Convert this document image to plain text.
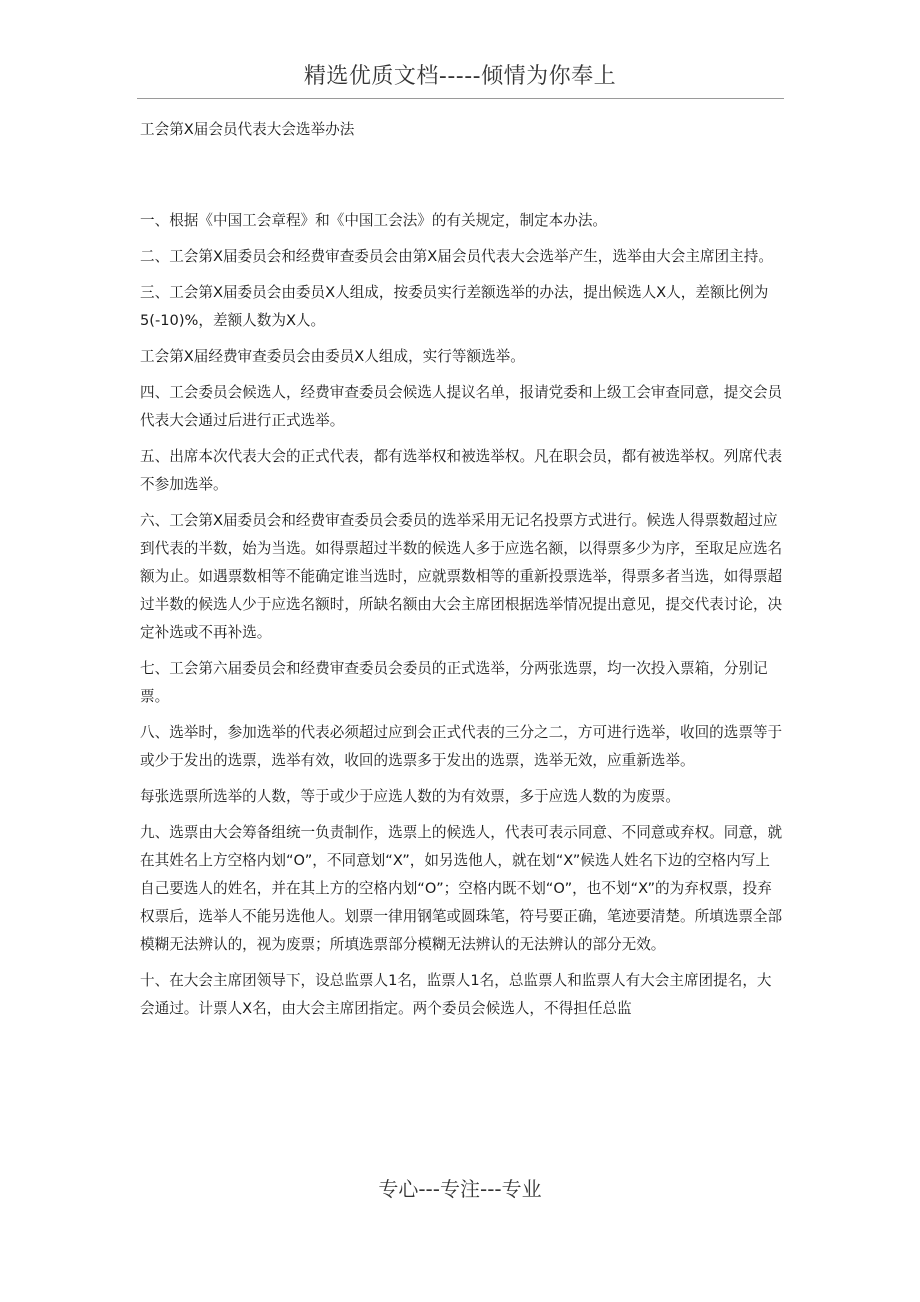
精选优质文档-----倾情为你奉上

工会第X届会员代表大会选举办法

一、根据《中国工会章程》和《中国工会法》的有关规定，制定本办法。

二、工会第X届委员会和经费审查委员会由第X届会员代表大会选举产生，选举由大会主席团主持。

三、工会第X届委员会由委员X人组成，按委员实行差额选举的办法，提出候选人X人，差额比例为5(-10)%，差额人数为X人。

工会第X届经费审查委员会由委员X人组成，实行等额选举。

四、工会委员会候选人，经费审查委员会候选人提议名单，报请党委和上级工会审查同意，提交会员代表大会通过后进行正式选举。

五、出席本次代表大会的正式代表，都有选举权和被选举权。凡在职会员，都有被选举权。列席代表不参加选举。

六、工会第X届委员会和经费审查委员会委员的选举采用无记名投票方式进行。候选人得票数超过应到代表的半数，始为当选。如得票超过半数的候选人多于应选名额，以得票多少为序，至取足应选名额为止。如遇票数相等不能确定谁当选时，应就票数相等的重新投票选举，得票多者当选，如得票超过半数的候选人少于应选名额时，所缺名额由大会主席团根据选举情况提出意见，提交代表讨论，决定补选或不再补选。

七、工会第六届委员会和经费审查委员会委员的正式选举，分两张选票，均一次投入票箱，分别记票。

八、选举时，参加选举的代表必须超过应到会正式代表的三分之二，方可进行选举，收回的选票等于或少于发出的选票，选举有效，收回的选票多于发出的选票，选举无效，应重新选举。

每张选票所选举的人数，等于或少于应选人数的为有效票，多于应选人数的为废票。

九、选票由大会筹备组统一负责制作，选票上的候选人，代表可表示同意、不同意或弃权。同意，就在其姓名上方空格内划“O”，不同意划“X”，如另选他人，就在划“X”候选人姓名下边的空格内写上自己要选人的姓名，并在其上方的空格内划“O”；空格内既不划“O”，也不划“X”的为弃权票，投弃权票后，选举人不能另选他人。划票一律用钢笔或圆珠笔，符号要正确，笔迹要清楚。所填选票全部模糊无法辨认的，视为废票；所填选票部分模糊无法辨认的无法辨认的部分无效。

十、在大会主席团领导下，设总监票人1名，监票人1名，总监票人和监票人有大会主席团提名，大会通过。计票人X名，由大会主席团指定。两个委员会候选人，不得担任总监

专心---专注---专业
